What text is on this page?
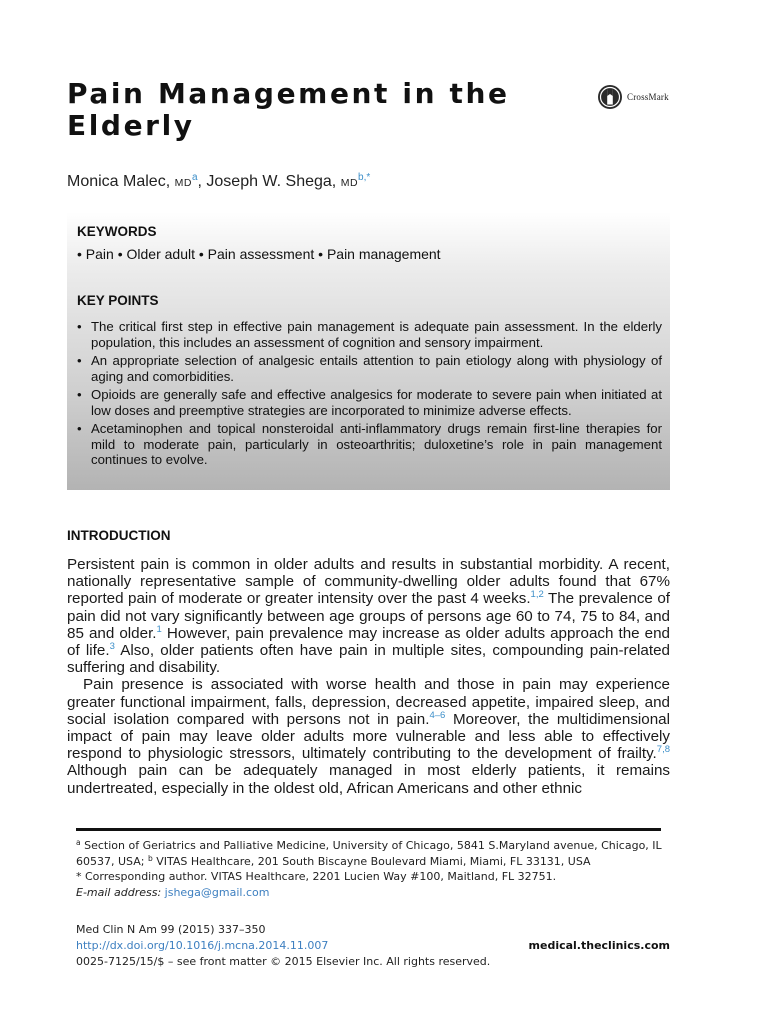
Pain Management in the Elderly
CrossMark
Monica Malec, $MD^a$, Joseph W. Shega, $MD^{b,*}$
KEYWORDS
• Pain • Older adult • Pain assessment • Pain management
KEY POINTS
• The critical first step in effective pain management is adequate pain assessment. In the elderly population, this includes an assessment of cognition and sensory impairment.
• An appropriate selection of analgesic entails attention to pain etiology along with physiology of aging and comorbidities.
• Opioids are generally safe and effective analgesics for moderate to severe pain when initiated at low doses and preemptive strategies are incorporated to minimize adverse effects.
• Acetaminophen and topical nonsteroidal anti-inflammatory drugs remain first-line therapies for mild to moderate pain, particularly in osteoarthritis; duloxetine’s role in pain management continues to evolve.
INTRODUCTION

Persistent pain is common in older adults and results in substantial morbidity. A recent, nationally representative sample of community-dwelling older adults found that 67% reported pain of moderate or greater intensity over the past 4 weeks.$^{1,2}$ The prevalence of pain did not vary significantly between age groups of persons age 60 to 74, 75 to 84, and 85 and older.$^1$ However, pain prevalence may increase as older adults approach the end of life.$^3$ Also, older patients often have pain in multiple sites, compounding pain-related suffering and disability.

Pain presence is associated with worse health and those in pain may experience greater functional impairment, falls, depression, decreased appetite, impaired sleep, and social isolation compared with persons not in pain.$^{4-6}$ Moreover, the multidimensional impact of pain may leave older adults more vulnerable and less able to effectively respond to physiologic stressors, ultimately contributing to the development of frailty.$^{7,8}$ Although pain can be adequately managed in most elderly patients, it remains undertreated, especially in the oldest old, African Americans and other ethnic

$^a$ Section of Geriatrics and Palliative Medicine, University of Chicago, 5841 S.Maryland avenue, Chicago, IL 60537, USA; $^b$ VITAS Healthcare, 201 South Biscayne Boulevard Miami, Miami, FL 33131, USA

* Corresponding author. VITAS Healthcare, 2201 Lucien Way #100, Maitland, FL 32751.

E-mail address: jshega@gmail.com

Med Clin N Am 99 (2015) 337–350
http://dx.doi.org/10.1016/j.mcna.2014.11.007	medical.theclinics.com
0025-7125/15/$ – see front matter © 2015 Elsevier Inc. All rights reserved.
